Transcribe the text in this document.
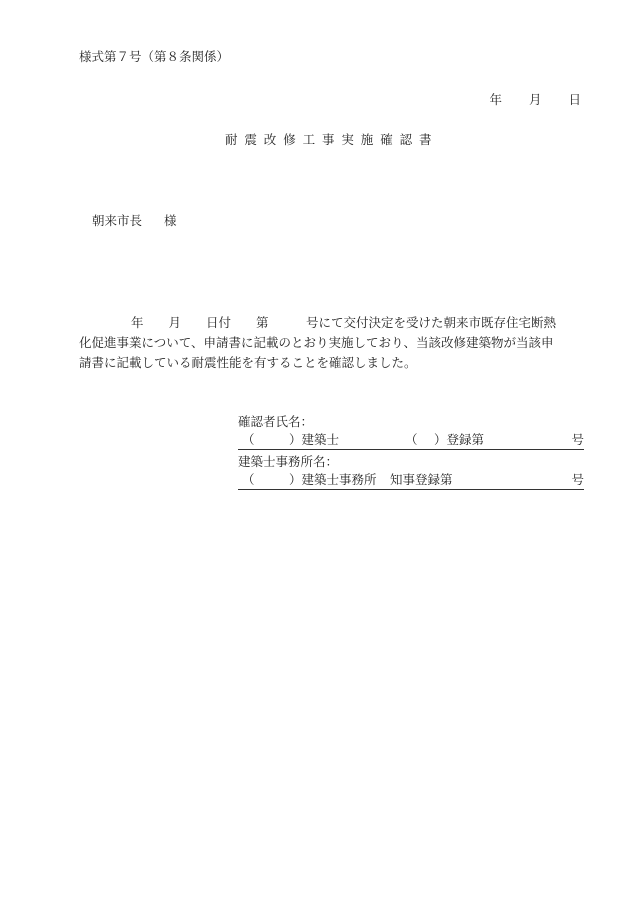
様式第７号（第８条関係）
年 月 日
耐震改修工事実施確認書
朝来市長 様
年　　月　　日付　　第　　　号にて交付決定を受けた朝来市既存住宅断熱
化促進事業について、申請書に記載のとおり実施しており、当該改修建築物が当該申
請書に記載している耐震性能を有することを確認しました。
確認者氏名：
（	）建築士	（ ）登録第	号
建築士事務所名：
（	）建築士事務所 知事登録第	号
